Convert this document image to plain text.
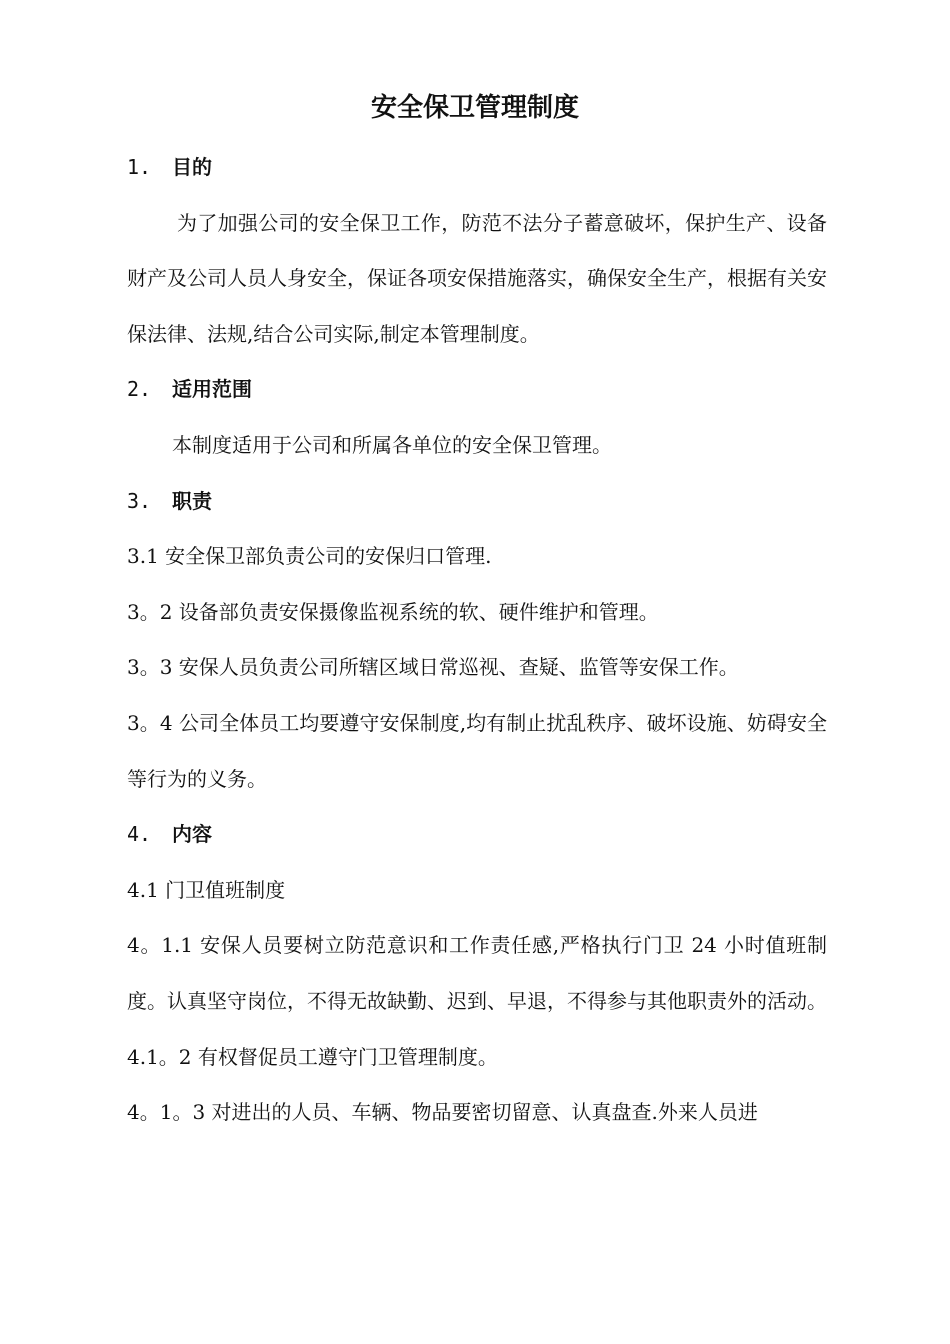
安全保卫管理制度
1. 目的

为了加强公司的安全保卫工作，防范不法分子蓄意破坏，保护生产、设备财产及公司人员人身安全，保证各项安保措施落实，确保安全生产，根据有关安保法律、法规,结合公司实际,制定本管理制度。

2. 适用范围

本制度适用于公司和所属各单位的安全保卫管理。

3. 职责

3.1 安全保卫部负责公司的安保归口管理.

3。2 设备部负责安保摄像监视系统的软、硬件维护和管理。

3。3 安保人员负责公司所辖区域日常巡视、查疑、监管等安保工作。

3。4 公司全体员工均要遵守安保制度,均有制止扰乱秩序、破坏设施、妨碍安全等行为的义务。

4. 内容

4.1 门卫值班制度

4。1.1 安保人员要树立防范意识和工作责任感,严格执行门卫 24 小时值班制度。认真坚守岗位，不得无故缺勤、迟到、早退，不得参与其他职责外的活动。

4.1。2 有权督促员工遵守门卫管理制度。

4。1。3 对进出的人员、车辆、物品要密切留意、认真盘查.外来人员进
